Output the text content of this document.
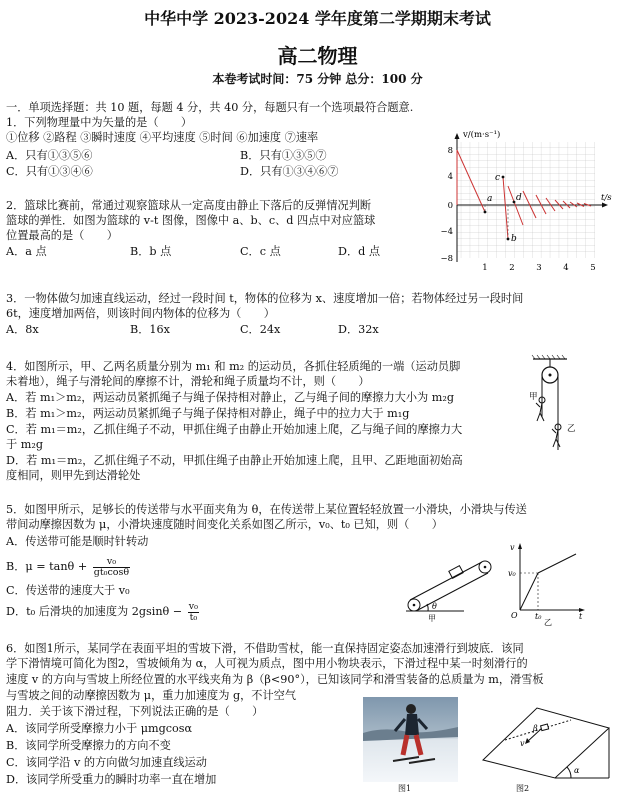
中华中学 2023-2024 学年度第二学期期末考试
高二物理
本卷考试时间：75 分钟 总分：100 分
一．单项选择题：共 10 题，每题 4 分，共 40 分，每题只有一个选项最符合题意.
1．下列物理量中为矢量的是（　　）
①位移 ②路程 ③瞬时速度 ④平均速度 ⑤时间 ⑥加速度 ⑦速率
A．只有①③⑤⑥	B．只有①③⑤⑦
C．只有①③④⑥	D．只有①③④⑥⑦
a
b
c
d
v/(m·s⁻¹)
t/s
8
4
0
−4
−8
1	2	3	4	5
2．篮球比赛前，常通过观察篮球从一定高度由静止下落后的反弹情况判断
篮球的弹性．如图为篮球的 v-t 图像，图像中 a、b、c、d 四点中对应篮球
位置最高的是（　　）
A．a 点	B．b 点	C．c 点	D．d 点
3．一物体做匀加速直线运动，经过一段时间 t，物体的位移为 x、速度增加一倍；若物体经过另一段时间
6t，速度增加两倍，则该时间内物体的位移为（　　）
A．8x	B．16x	C．24x	D．32x
4．如图所示，甲、乙两名质量分别为 m₁ 和 m₂ 的运动员，各抓住轻质绳的一端（运动员脚
未着地），绳子与滑轮间的摩擦不计，滑轮和绳子质量均不计，则（　　）
A．若 m₁＞m₂，两运动员紧抓绳子与绳子保持相对静止，乙与绳子间的摩擦力大小为 m₂g
B．若 m₁＞m₂，两运动员紧抓绳子与绳子保持相对静止，绳子中的拉力大于 m₁g
C．若 m₁＝m₂，乙抓住绳子不动，甲抓住绳子由静止开始加速上爬，乙与绳子间的摩擦力大
于 m₂g
D．若 m₁＝m₂，乙抓住绳子不动，甲抓住绳子由静止开始加速上爬，且甲、乙距地面初始高
度相同，则甲先到达滑轮处
甲
乙
5．如图甲所示，足够长的传送带与水平面夹角为 θ，在传送带上某位置轻轻放置一小滑块，小滑块与传送
带间动摩擦因数为 μ，小滑块速度随时间变化关系如图乙所示，v₀、t₀ 已知，则（　　）
A．传送带可能是顺时针转动
B．$\mu = \tan\theta + \frac{\text{v₀}}{\text{gt₀cosθ}}$
C．传送带的速度大于 v₀
D．t₀ 后滑块的加速度为 $2gsin\theta - \frac{\text{v₀}}{\text{t₀}}$	θ
甲
v
v₀
O t₀	t
乙
6．如图1所示，某同学在表面平坦的雪坡下滑，不借助雪杖，能一直保持固定姿态加速滑行到坡底．该同
学下滑情境可简化为图2，雪坡倾角为 α，人可视为质点，图中用小物块表示，下滑过程中某一时刻滑行的
速度 v 的方向与雪坡上所经位置的水平线夹角为 β（β<90°），已知该同学和滑雪装备的总质量为 m，滑雪板
与雪坡之间的动摩擦因数为 μ，重力加速度为 g，不计空气
阻力．关于该下滑过程，下列说法正确的是（　　）
A．该同学所受摩擦力小于 μmgcosα
B．该同学所受摩擦力的方向不变
C．该同学沿 v 的方向做匀加速直线运动
D．该同学所受重力的瞬时功率一直在增加
图1
α
β
v
图2
